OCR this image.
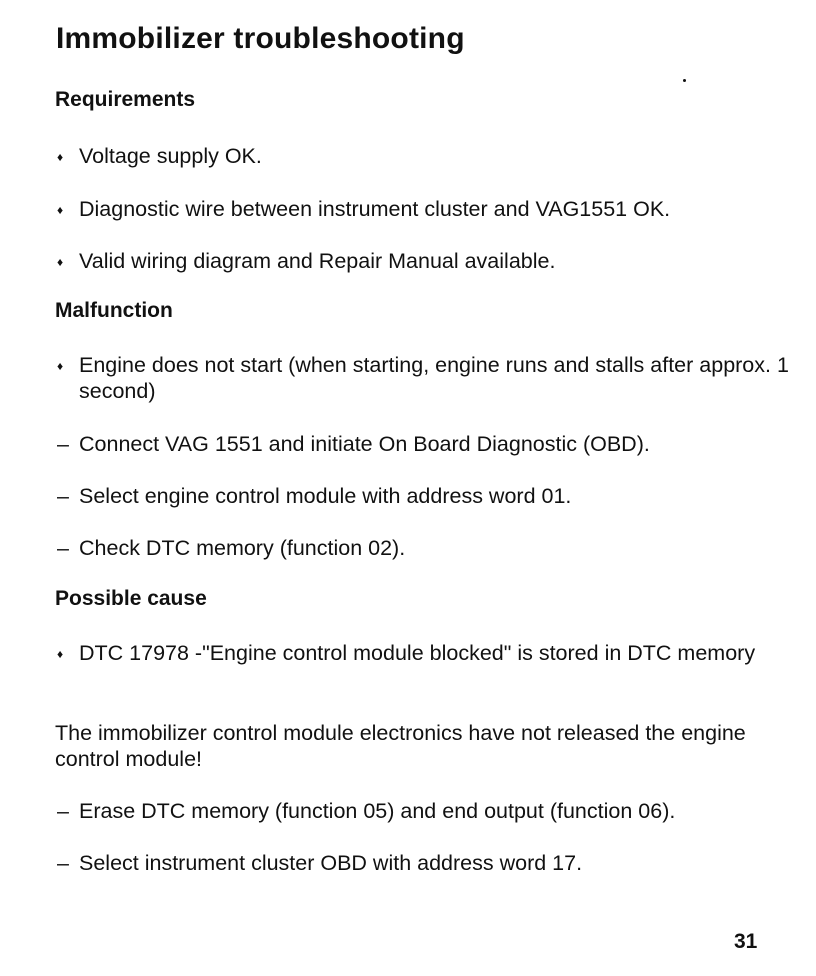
Immobilizer troubleshooting
Requirements
♦ Voltage supply OK.
♦ Diagnostic wire between instrument cluster and VAG1551 OK.
♦ Valid wiring diagram and Repair Manual available.
Malfunction
♦ Engine does not start (when starting, engine runs and stalls after approx. 1 second)
– Connect VAG 1551 and initiate On Board Diagnostic (OBD).
– Select engine control module with address word 01.
– Check DTC memory (function 02).
Possible cause
♦ DTC 17978 -"Engine control module blocked" is stored in DTC memory

The immobilizer control module electronics have not released the engine control module!

– Erase DTC memory (function 05) and end output (function 06).
– Select instrument cluster OBD with address word 17.
31
